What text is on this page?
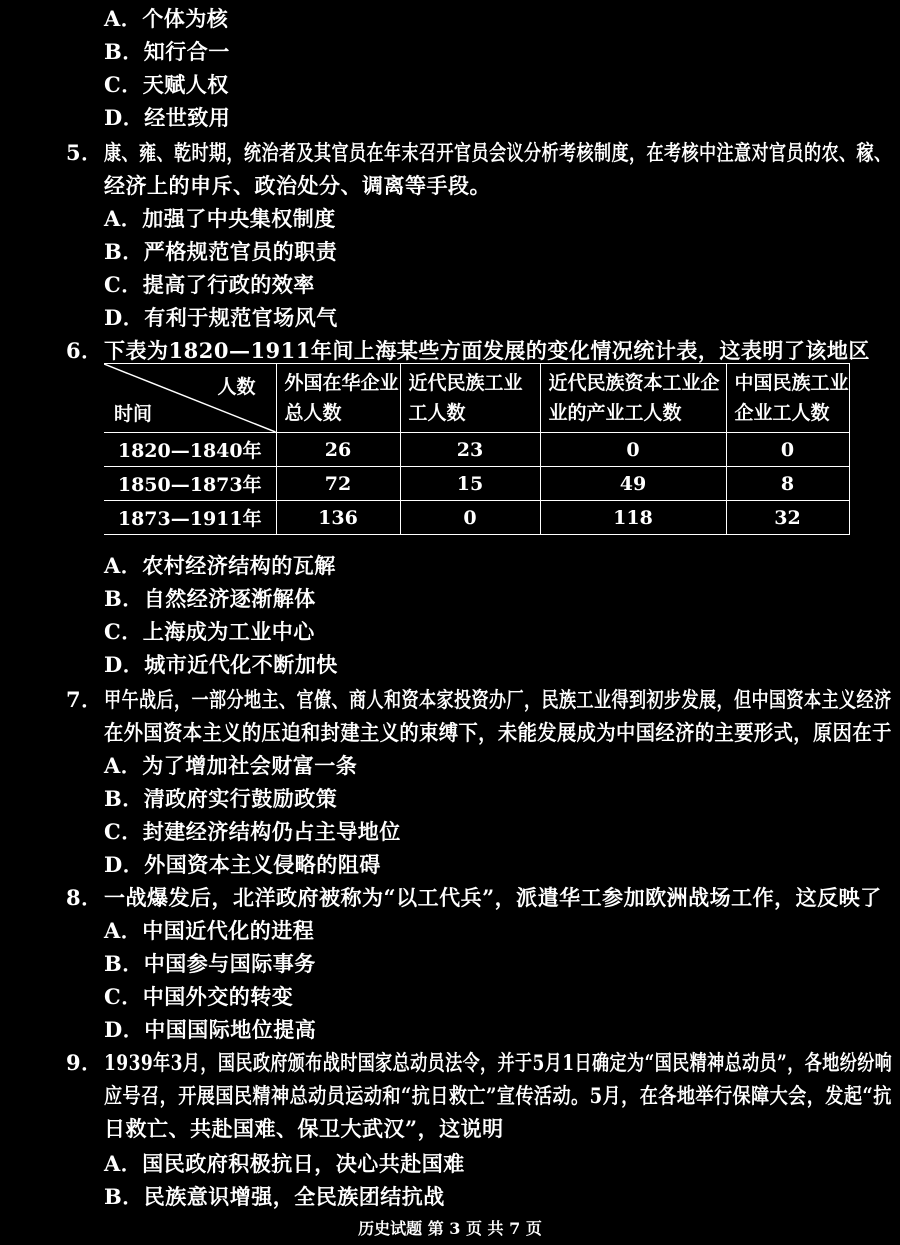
A．个体为核
B．知行合一
C．天赋人权
D．经世致用
5． 康、雍、乾时期，统治者及其官员在年末召开官员会议分析考核制度，在考核中注意对官员的农、稼、
经济上的申斥、政治处分、调离等手段。
A．加强了中央集权制度
B．严格规范官员的职责
C．提高了行政的效率
D．有利于规范官场风气
6． 下表为1820—1911年间上海某些方面发展的变化情况统计表，这表明了该地区
人数
时间	外国在华企业总人数	近代民族工业工人数	近代民族资本工业企业的产业工人数	中国民族工业企业工人数
1820—1840年	26	23	0	0
1850—1873年	72	15	49	8
1873—1911年	136	0	118	32
A．农村经济结构的瓦解
B．自然经济逐渐解体
C．上海成为工业中心
D．城市近代化不断加快
7． 甲午战后，一部分地主、官僚、商人和资本家投资办厂，民族工业得到初步发展，但中国资本主义经济
在外国资本主义的压迫和封建主义的束缚下，未能发展成为中国经济的主要形式，原因在于
A．为了增加社会财富一条
B．清政府实行鼓励政策
C．封建经济结构仍占主导地位
D．外国资本主义侵略的阻碍
8． 一战爆发后，北洋政府被称为“以工代兵”，派遣华工参加欧洲战场工作，这反映了
A．中国近代化的进程
B．中国参与国际事务
C．中国外交的转变
D．中国国际地位提高
9． 1939年3月，国民政府颁布战时国家总动员法令，并于5月1日确定为“国民精神总动员”，各地纷纷响
应号召，开展国民精神总动员运动和“抗日救亡”宣传活动。5月，在各地举行保障大会，发起“抗
日救亡、共赴国难、保卫大武汉”，这说明
A．国民政府积极抗日，决心共赴国难
B．民族意识增强，全民族团结抗战
历史试题 第 3 页 共 7 页
